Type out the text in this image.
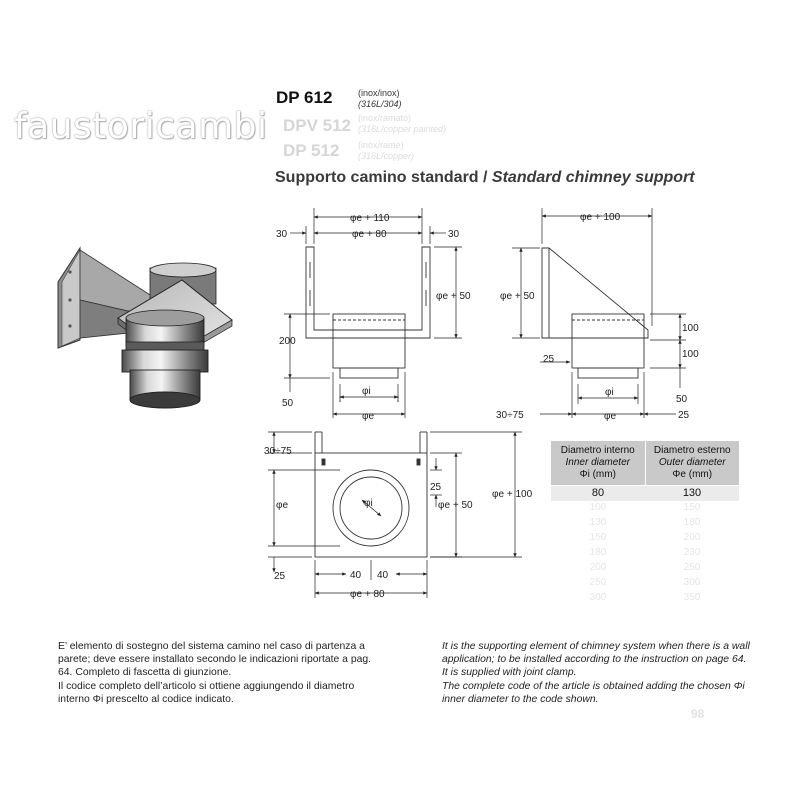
faustoricambi
DP 612	(inox/inox)
(316L/304)
DPV 512 (inox/ramato)
(316L/copper painted)
DP 512 (inox/rame)
(316L/copper)
Supporto camino standard / Standard chimney support
φe + 110
φe + 80
30	30
φe + 50
200
50
φi
φe
φe + 100
φe + 50
100
100
25
φi
50
φe
30÷75	25
30÷75
φe	φi
25
25
φe + 50
φe + 100
40 40
φe + 80
Diametro interno
Inner diameter
Φi (mm)
Diametro esterno
Outer diameter
Φe (mm)
80	130
100	150
130	180
150	200
180	230
200	250
250	300
300	350
E’ elemento di sostegno del sistema camino nel caso di partenza a
parete; deve essere installato secondo le indicazioni riportate a pag.
64. Completo di fascetta di giunzione.
Il codice completo dell’articolo si ottiene aggiungendo il diametro
interno Φi prescelto al codice indicato.
It is the supporting element of chimney system when there is a wall
application; to be installed according to the instruction on page 64.
It is supplied with joint clamp.
The complete code of the article is obtained adding the chosen Φi
inner diameter to the code shown.
98
